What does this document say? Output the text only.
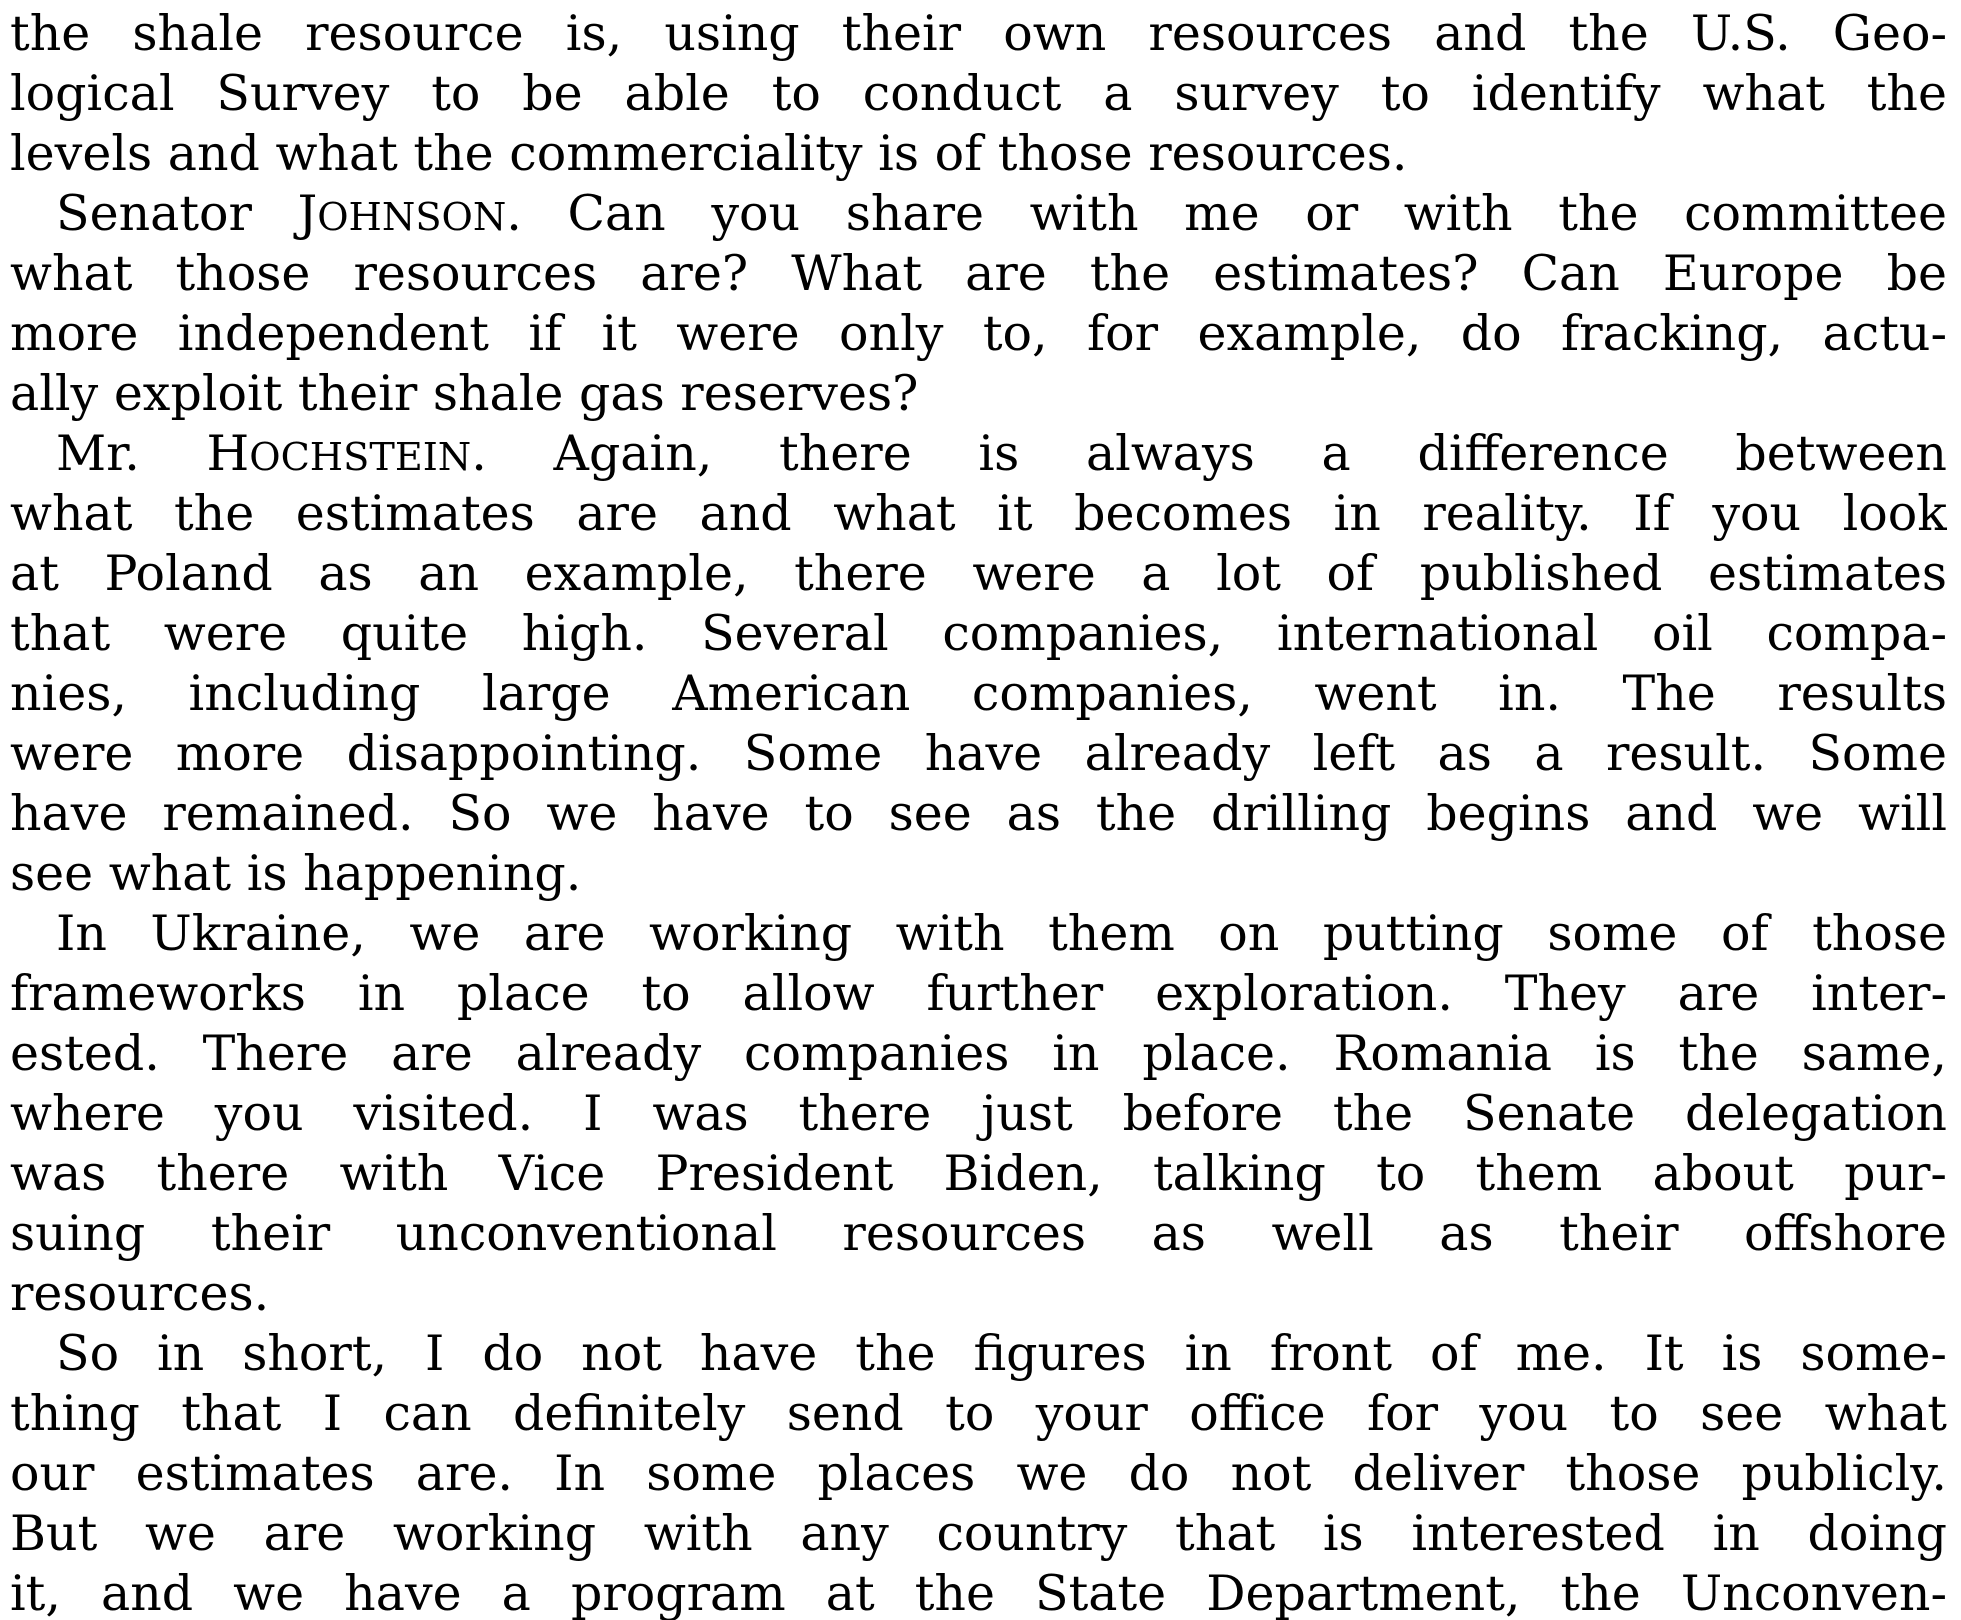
the shale resource is, using their own resources and the U.S. Geo-
logical Survey to be able to conduct a survey to identify what the
levels and what the commerciality is of those resources.
Senator JOHNSON. Can you share with me or with the committee
what those resources are? What are the estimates? Can Europe be
more independent if it were only to, for example, do fracking, actu-
ally exploit their shale gas reserves?
Mr. HOCHSTEIN. Again, there is always a difference between
what the estimates are and what it becomes in reality. If you look
at Poland as an example, there were a lot of published estimates
that were quite high. Several companies, international oil compa-
nies, including large American companies, went in. The results
were more disappointing. Some have already left as a result. Some
have remained. So we have to see as the drilling begins and we will
see what is happening.
In Ukraine, we are working with them on putting some of those
frameworks in place to allow further exploration. They are inter-
ested. There are already companies in place. Romania is the same,
where you visited. I was there just before the Senate delegation
was there with Vice President Biden, talking to them about pur-
suing their unconventional resources as well as their offshore
resources.
So in short, I do not have the figures in front of me. It is some-
thing that I can definitely send to your office for you to see what
our estimates are. In some places we do not deliver those publicly.
But we are working with any country that is interested in doing
it, and we have a program at the State Department, the Unconven-
